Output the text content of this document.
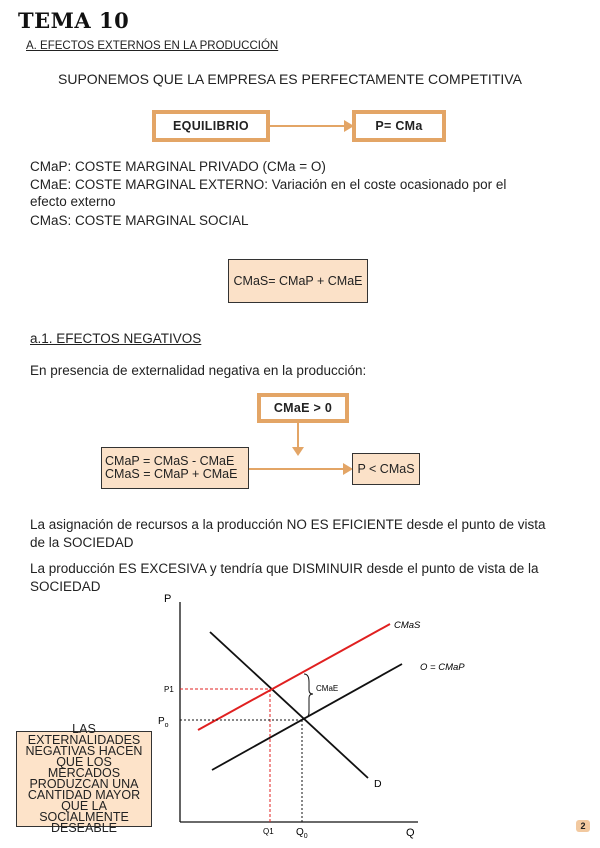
TEMA 10
A. EFECTOS EXTERNOS EN LA PRODUCCIÓN
SUPONEMOS QUE LA EMPRESA ES PERFECTAMENTE COMPETITIVA
EQUILIBRIO	P= CMa
CMaP: COSTE MARGINAL PRIVADO (CMa = O)
CMaE: COSTE MARGINAL EXTERNO: Variación en el coste ocasionado por el
efecto externo
CMaS: COSTE MARGINAL SOCIAL
CMaS= CMaP + CMaE
a.1. EFECTOS NEGATIVOS
En presencia de externalidad negativa en la producción:
CMaE > 0
CMaP = CMaS - CMaE
CMaS = CMaP + CMaE	P < CMaS
La asignación de recursos a la producción NO ES EFICIENTE desde el punto de vista
de la SOCIEDAD
La producción ES EXCESIVA y tendría que DISMINUIR desde el punto de vista de la
SOCIEDAD
LAS EXTERNALIDADES NEGATIVAS HACEN QUE LOS MERCADOS PRODUZCAN UNA CANTIDAD MAYOR QUE LA SOCIALMENTE DESEABLE
P
Q
D
O = CMaP
CMaS
CMaE
P1
$P_o$
Q1 $Q_0$
2
